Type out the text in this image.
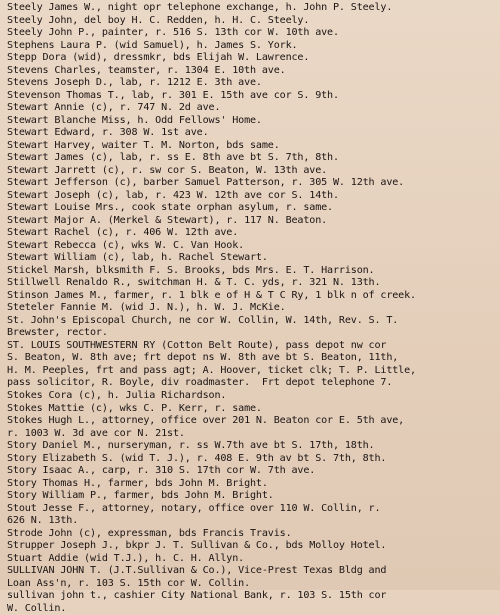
Steely James W., night opr telephone exchange, h. John P. Steely.
Steely John, del boy H. C. Redden, h. H. C. Steely.
Steely John P., painter, r. 516 S. 13th cor W. 10th ave.
Stephens Laura P. (wid Samuel), h. James S. York.
Stepp Dora (wid), dressmkr, bds Elijah W. Lawrence.
Stevens Charles, teamster, r. 1304 E. 10th ave.
Stevens Joseph D., lab, r. 1212 E. 3th ave.
Stevenson Thomas T., lab, r. 301 E. 15th ave cor S. 9th.
Stewart Annie (c), r. 747 N. 2d ave.
Stewart Blanche Miss, h. Odd Fellows' Home.
Stewart Edward, r. 308 W. 1st ave.
Stewart Harvey, waiter T. M. Norton, bds same.
Stewart James (c), lab, r. ss E. 8th ave bt S. 7th, 8th.
Stewart Jarrett (c), r. sw cor S. Beaton, W. 13th ave.
Stewart Jefferson (c), barber Samuel Patterson, r. 305 W. 12th ave.
Stewart Joseph (c), lab, r. 423 W. 12th ave cor S. 14th.
Stewart Louise Mrs., cook state orphan asylum, r. same.
Stewart Major A. (Merkel & Stewart), r. 117 N. Beaton.
Stewart Rachel (c), r. 406 W. 12th ave.
Stewart Rebecca (c), wks W. C. Van Hook.
Stewart William (c), lab, h. Rachel Stewart.
Stickel Marsh, blksmith F. S. Brooks, bds Mrs. E. T. Harrison.
Stillwell Renaldo R., switchman H. & T. C. yds, r. 321 N. 13th.
Stinson James M., farmer, r. 1 blk e of H & T C Ry, 1 blk n of creek.
Steteler Fannie M. (wid J. N.), h. W. J. McKie.
St. John's Episcopal Church, ne cor W. Collin, W. 14th, Rev. S. T.
Brewster, rector.
ST. LOUIS SOUTHWESTERN RY (Cotton Belt Route), pass depot nw cor
S. Beaton, W. 8th ave; frt depot ns W. 8th ave bt S. Beaton, 11th,
H. M. Peeples, frt and pass agt; A. Hoover, ticket clk; T. P. Little,
pass solicitor, R. Boyle, div roadmaster.  Frt depot telephone 7.
Stokes Cora (c), h. Julia Richardson.
Stokes Mattie (c), wks C. P. Kerr, r. same.
Stokes Hugh L., attorney, office over 201 N. Beaton cor E. 5th ave,
r. 1003 W. 3d ave cor N. 21st.
Story Daniel M., nurseryman, r. ss W.7th ave bt S. 17th, 18th.
Story Elizabeth S. (wid T. J.), r. 408 E. 9th av bt S. 7th, 8th.
Story Isaac A., carp, r. 310 S. 17th cor W. 7th ave.
Story Thomas H., farmer, bds John M. Bright.
Story William P., farmer, bds John M. Bright.
Stout Jesse F., attorney, notary, office over 110 W. Collin, r.
626 N. 13th.
Strode John (c), expressman, bds Francis Travis.
Strupper Joseph J., bkpr J. T. Sullivan & Co., bds Molloy Hotel.
Stuart Addie (wid T.J.), h. C. H. Allyn.
SULLIVAN JOHN T. (J.T.Sullivan & Co.), Vice-Prest Texas Bldg and
Loan Ass'n, r. 103 S. 15th cor W. Collin.
sullivan john t., cashier City National Bank, r. 103 S. 15th cor
W. Collin.
